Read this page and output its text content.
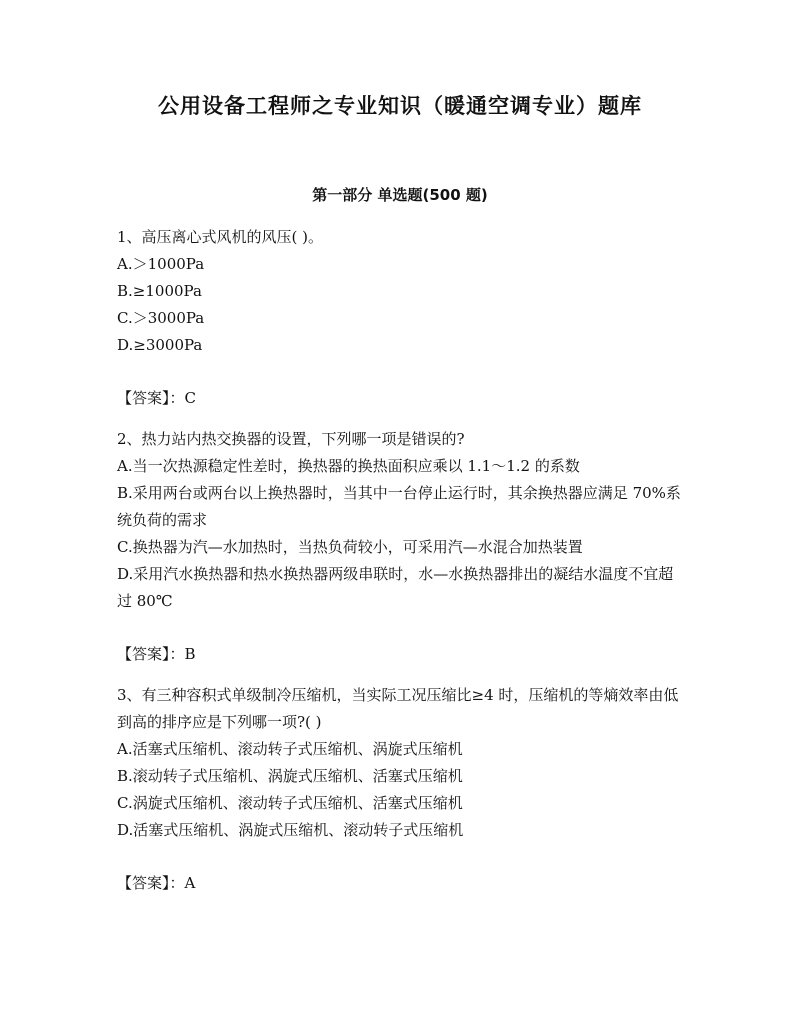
公用设备工程师之专业知识（暖通空调专业）题库
第一部分 单选题(500 题)

1、高压离心式风机的风压( )。

A.＞1000Pa

B.≥1000Pa

C.＞3000Pa

D.≥3000Pa

【答案】：C

2、热力站内热交换器的设置，下列哪一项是错误的?

A.当一次热源稳定性差时，换热器的换热面积应乘以 1.1～1.2 的系数

B.采用两台或两台以上换热器时，当其中一台停止运行时，其余换热器应满足 70%系统负荷的需求

C.换热器为汽—水加热时，当热负荷较小，可采用汽—水混合加热装置

D.采用汽水换热器和热水换热器两级串联时，水—水换热器排出的凝结水温度不宜超过 80℃

【答案】：B

3、有三种容积式单级制冷压缩机，当实际工况压缩比≥4 时，压缩机的等熵效率由低到高的排序应是下列哪一项?( )

A.活塞式压缩机、滚动转子式压缩机、涡旋式压缩机

B.滚动转子式压缩机、涡旋式压缩机、活塞式压缩机

C.涡旋式压缩机、滚动转子式压缩机、活塞式压缩机

D.活塞式压缩机、涡旋式压缩机、滚动转子式压缩机

【答案】：A
